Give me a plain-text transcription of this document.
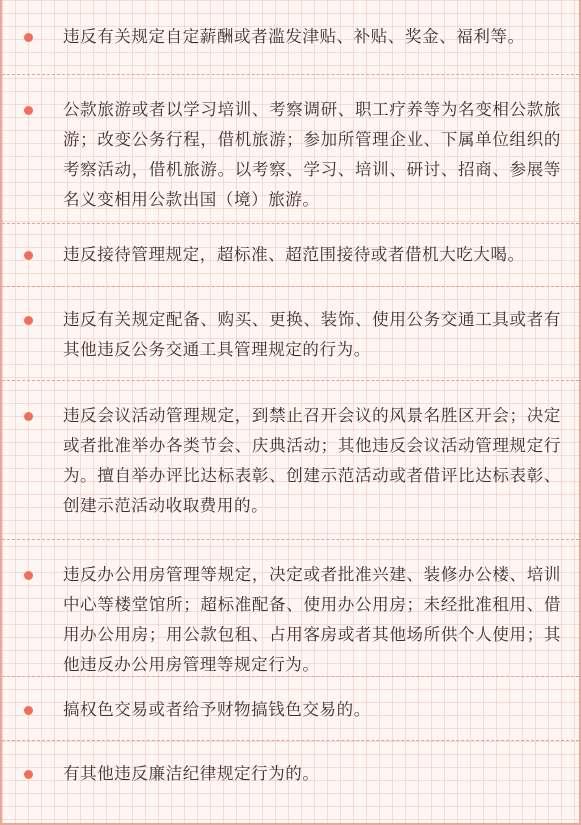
违反有关规定自定薪酬或者滥发津贴、补贴、奖金、福利等。
公款旅游或者以学习培训、考察调研、职工疗养等为名变相公款旅游；改变公务行程，借机旅游；参加所管理企业、下属单位组织的考察活动，借机旅游。以考察、学习、培训、研讨、招商、参展等名义变相用公款出国（境）旅游。
违反接待管理规定，超标准、超范围接待或者借机大吃大喝。
违反有关规定配备、购买、更换、装饰、使用公务交通工具或者有其他违反公务交通工具管理规定的行为。
违反会议活动管理规定，到禁止召开会议的风景名胜区开会；决定或者批准举办各类节会、庆典活动；其他违反会议活动管理规定行为。擅自举办评比达标表彰、创建示范活动或者借评比达标表彰、创建示范活动收取费用的。
违反办公用房管理等规定，决定或者批准兴建、装修办公楼、培训中心等楼堂馆所；超标准配备、使用办公用房；未经批准租用、借用办公用房；用公款包租、占用客房或者其他场所供个人使用；其他违反办公用房管理等规定行为。
搞权色交易或者给予财物搞钱色交易的。
有其他违反廉洁纪律规定行为的。
